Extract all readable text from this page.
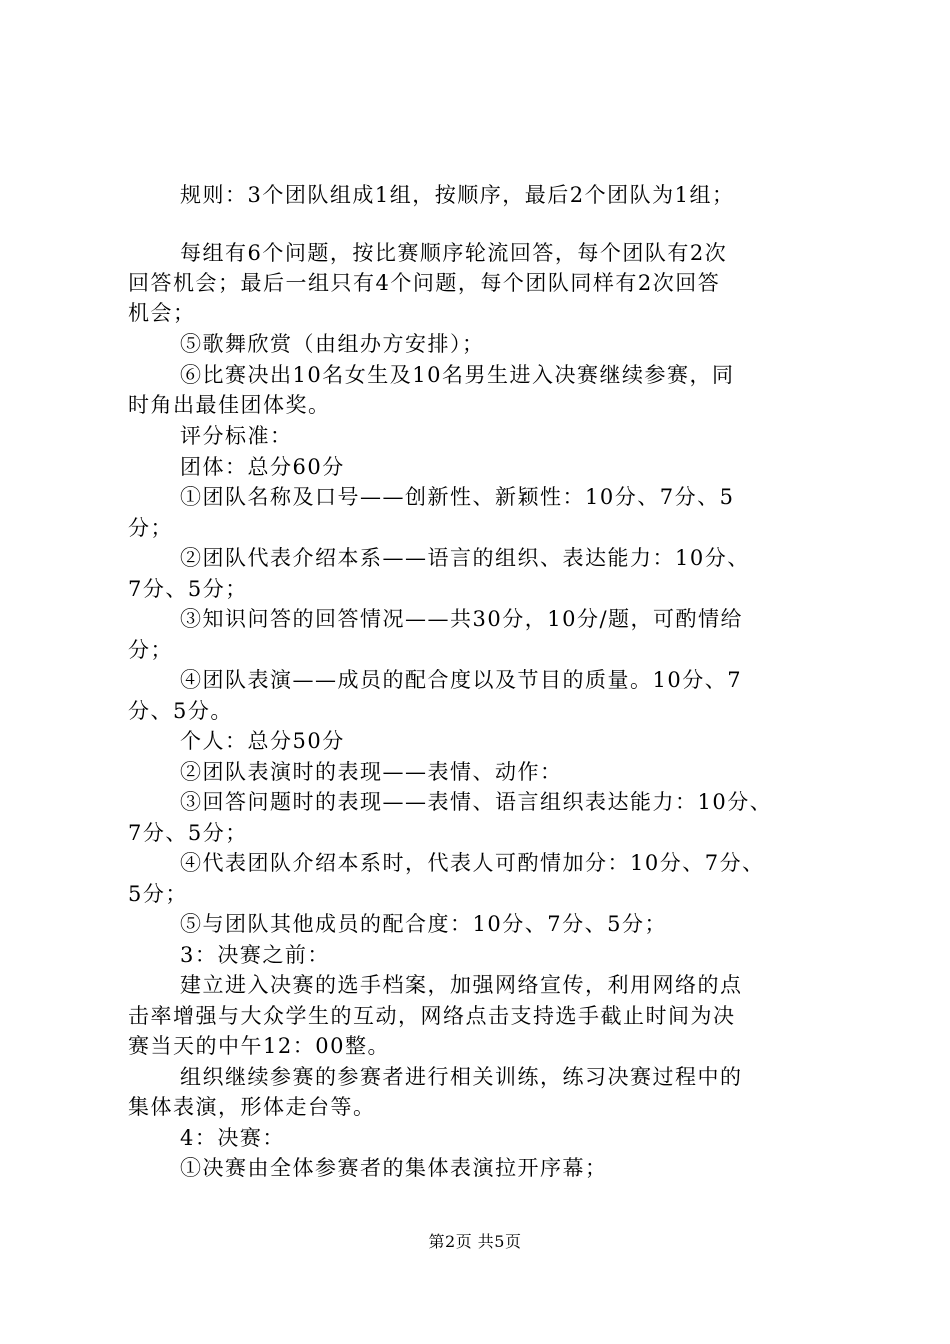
规则：3个团队组成1组，按顺序，最后2个团队为1组；
每组有6个问题，按比赛顺序轮流回答，每个团队有2次
回答机会；最后一组只有4个问题，每个团队同样有2次回答
机会；
⑤歌舞欣赏（由组办方安排）；
⑥比赛决出10名女生及10名男生进入决赛继续参赛，同
时角出最佳团体奖。
评分标准：
团体：总分60分
①团队名称及口号——创新性、新颖性：10分、7分、5
分；
②团队代表介绍本系——语言的组织、表达能力：10分、
7分、5分；
③知识问答的回答情况——共30分，10分/题，可酌情给
分；
④团队表演——成员的配合度以及节目的质量。10分、7
分、5分。
个人：总分50分
②团队表演时的表现——表情、动作：
③回答问题时的表现——表情、语言组织表达能力：10分、
7分、5分；
④代表团队介绍本系时，代表人可酌情加分：10分、7分、
5分；
⑤与团队其他成员的配合度：10分、7分、5分；
3：决赛之前：
建立进入决赛的选手档案，加强网络宣传，利用网络的点
击率增强与大众学生的互动，网络点击支持选手截止时间为决
赛当天的中午12：00整。
组织继续参赛的参赛者进行相关训练，练习决赛过程中的
集体表演，形体走台等。
4：决赛：
①决赛由全体参赛者的集体表演拉开序幕；
第2页 共5页
